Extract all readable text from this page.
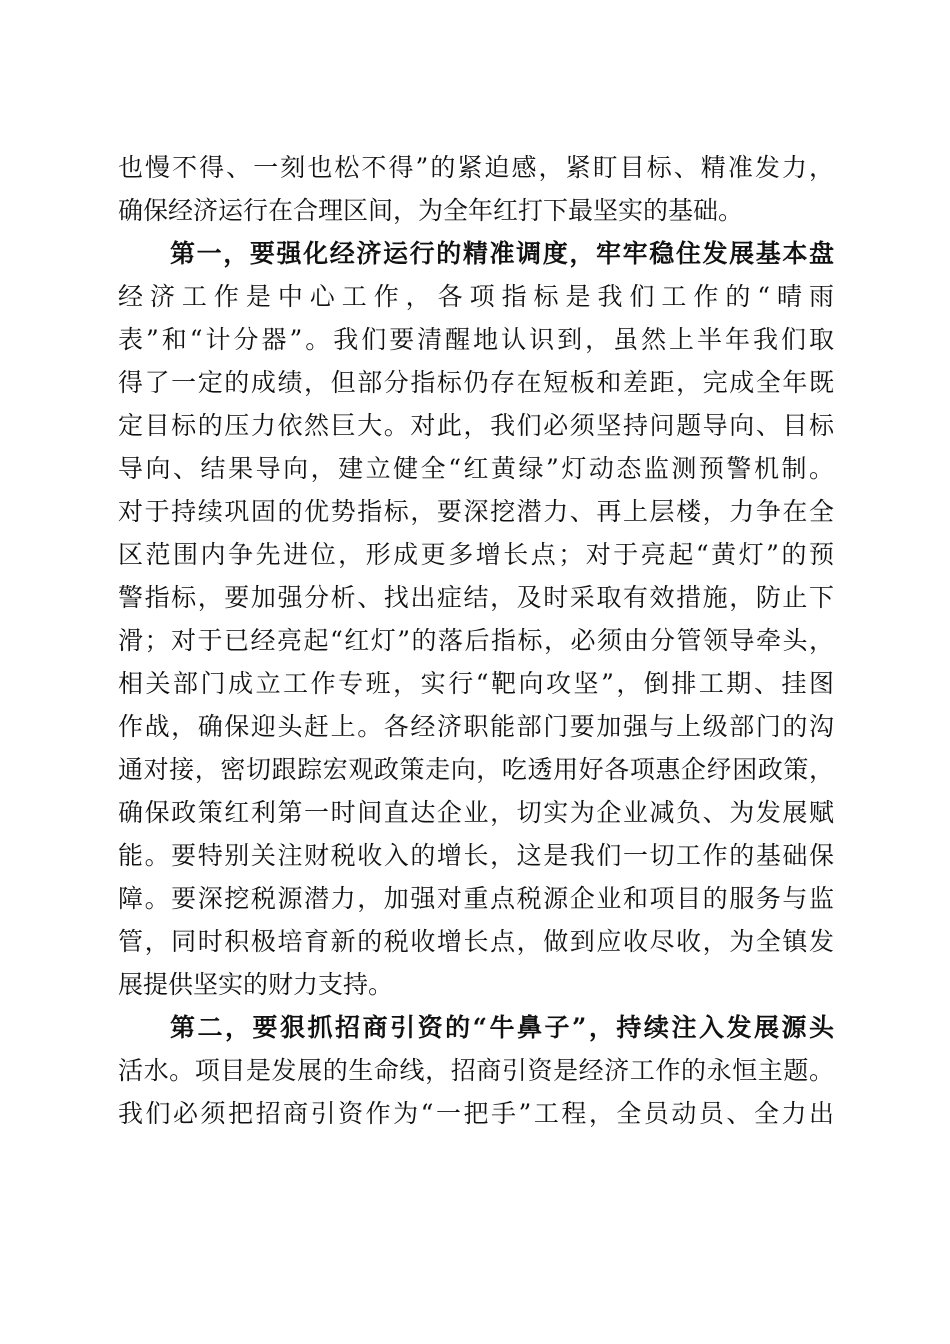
也慢不得、一刻也松不得”的紧迫感，紧盯目标、精准发力，
确保经济运行在合理区间，为全年红打下最坚实的基础。
第一，要强化经济运行的精准调度，牢牢稳住发展基本盘
经济工作是中心工作，各项指标是我们工作的“晴雨
表”和“计分器”。我们要清醒地认识到，虽然上半年我们取
得了一定的成绩，但部分指标仍存在短板和差距，完成全年既
定目标的压力依然巨大。对此，我们必须坚持问题导向、目标
导向、结果导向，建立健全“红黄绿”灯动态监测预警机制。
对于持续巩固的优势指标，要深挖潜力、再上层楼，力争在全
区范围内争先进位，形成更多增长点；对于亮起“黄灯”的预
警指标，要加强分析、找出症结，及时采取有效措施，防止下
滑；对于已经亮起“红灯”的落后指标，必须由分管领导牵头，
相关部门成立工作专班，实行“靶向攻坚”，倒排工期、挂图
作战，确保迎头赶上。各经济职能部门要加强与上级部门的沟
通对接，密切跟踪宏观政策走向，吃透用好各项惠企纾困政策，
确保政策红利第一时间直达企业，切实为企业减负、为发展赋
能。要特别关注财税收入的增长，这是我们一切工作的基础保
障。要深挖税源潜力，加强对重点税源企业和项目的服务与监
管，同时积极培育新的税收增长点，做到应收尽收，为全镇发
展提供坚实的财力支持。
第二，要狠抓招商引资的“牛鼻子”，持续注入发展源头
活水。项目是发展的生命线，招商引资是经济工作的永恒主题。
我们必须把招商引资作为“一把手”工程，全员动员、全力出
